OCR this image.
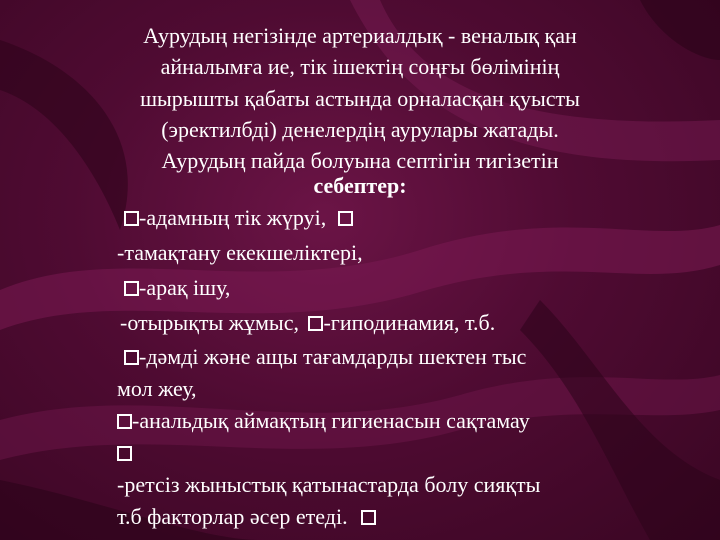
Аурудың негізінде артериалдық - веналық қан
айналымға ие, тік ішектің соңғы бөлімінің
шырышты қабаты астында орналасқан қуысты
(эректилбді) денелердің аурулары жатады.
Аурудың пайда болуына септігін тигізетін
себептер:
-адамның тік жүруі,
-тамақтану екекшеліктері,
-арақ ішу,
-отырықты жұмыс, -гиподинамия, т.б.
-дәмді және ащы тағамдарды шектен тыс
мол жеу,
-анальдық аймақтың гигиенасын сақтамау
-ретсіз жыныстық қатынастарда болу сияқты
т.б факторлар әсер етеді.
